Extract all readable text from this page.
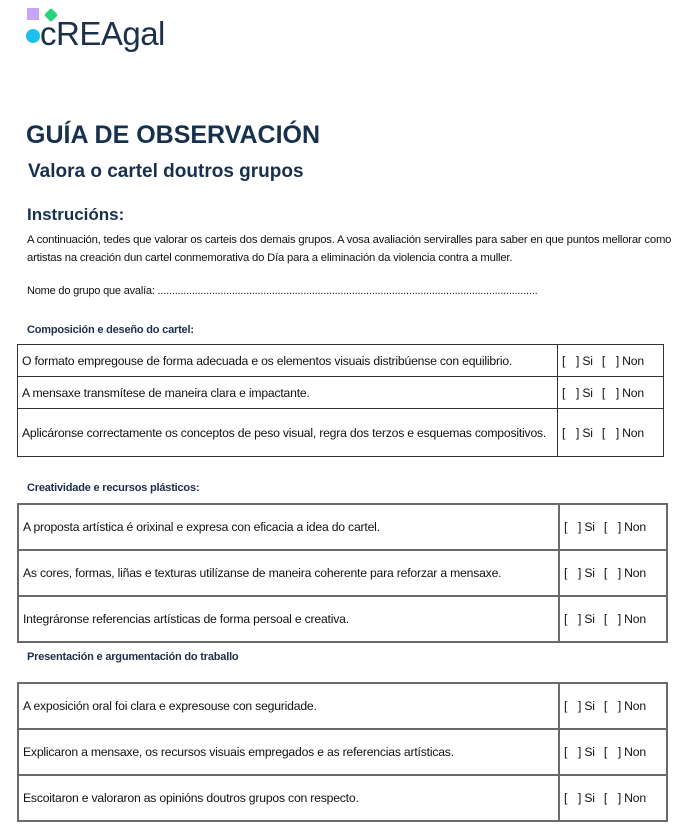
cREAgal
GUÍA DE OBSERVACIÓN
Valora o cartel doutros grupos
Instrucións:
A continuación, tedes que valorar os carteis dos demais grupos. A vosa avaliación serviralles para saber en que puntos mellorar como artistas na creación dun cartel conmemorativa do Día para a eliminación da violencia contra a muller.
Nome do grupo que avalía: .....................................................................................................................................
Composición e deseño do cartel:
O formato empregouse de forma adecuada e os elementos visuais distribúense con equilibrio.	[ ] Si [ ] Non
A mensaxe transmítese de maneira clara e impactante.	[ ] Si [ ] Non
Aplicáronse correctamente os conceptos de peso visual, regra dos terzos e esquemas compositivos.	[ ] Si [ ] Non
Creatividade e recursos plásticos:
A proposta artística é orixinal e expresa con eficacia a idea do cartel.	[ ] Si [ ] Non
As cores, formas, liñas e texturas utilízanse de maneira coherente para reforzar a mensaxe.	[ ] Si [ ] Non
Integráronse referencias artísticas de forma persoal e creativa.	[ ] Si [ ] Non
Presentación e argumentación do traballo
A exposición oral foi clara e expresouse con seguridade.	[ ] Si [ ] Non
Explicaron a mensaxe, os recursos visuais empregados e as referencias artísticas.	[ ] Si [ ] Non
Escoitaron e valoraron as opinións doutros grupos con respecto.	[ ] Si [ ] Non
